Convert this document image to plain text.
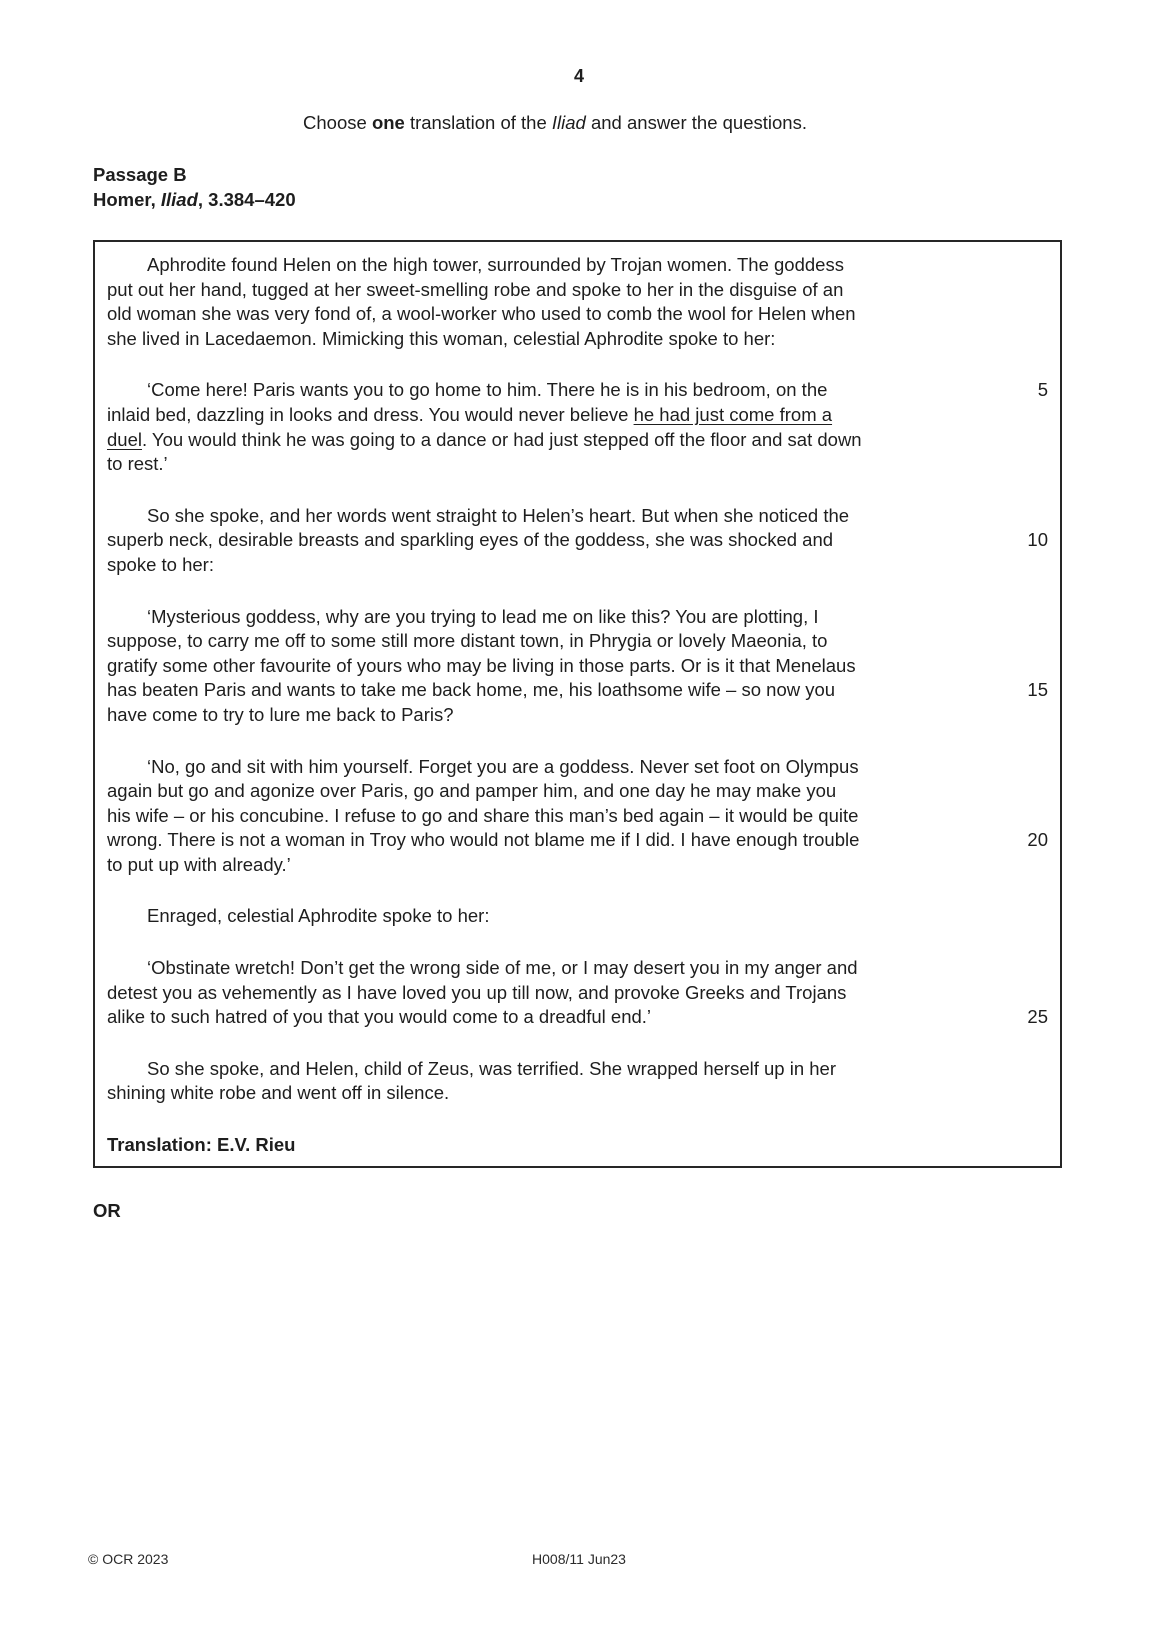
4
Choose one translation of the Iliad and answer the questions.
Passage B
Homer, Iliad, 3.384–420
Aphrodite found Helen on the high tower, surrounded by Trojan women. The goddess
put out her hand, tugged at her sweet-smelling robe and spoke to her in the disguise of an
old woman she was very fond of, a wool-worker who used to comb the wool for Helen when
she lived in Lacedaemon. Mimicking this woman, celestial Aphrodite spoke to her:
‘Come here! Paris wants you to go home to him. There he is in his bedroom, on the	5
inlaid bed, dazzling in looks and dress. You would never believe he had just come from a
duel. You would think he was going to a dance or had just stepped off the floor and sat down
to rest.’
So she spoke, and her words went straight to Helen’s heart. But when she noticed the
superb neck, desirable breasts and sparkling eyes of the goddess, she was shocked and	10
spoke to her:
‘Mysterious goddess, why are you trying to lead me on like this? You are plotting, I
suppose, to carry me off to some still more distant town, in Phrygia or lovely Maeonia, to
gratify some other favourite of yours who may be living in those parts. Or is it that Menelaus
has beaten Paris and wants to take me back home, me, his loathsome wife – so now you	15
have come to try to lure me back to Paris?
‘No, go and sit with him yourself. Forget you are a goddess. Never set foot on Olympus
again but go and agonize over Paris, go and pamper him, and one day he may make you
his wife – or his concubine. I refuse to go and share this man’s bed again – it would be quite
wrong. There is not a woman in Troy who would not blame me if I did. I have enough trouble	20
to put up with already.’
Enraged, celestial Aphrodite spoke to her:
‘Obstinate wretch! Don’t get the wrong side of me, or I may desert you in my anger and
detest you as vehemently as I have loved you up till now, and provoke Greeks and Trojans
alike to such hatred of you that you would come to a dreadful end.’	25
So she spoke, and Helen, child of Zeus, was terrified. She wrapped herself up in her
shining white robe and went off in silence.
Translation: E.V. Rieu
OR
© OCR 2023	H008/11 Jun23
